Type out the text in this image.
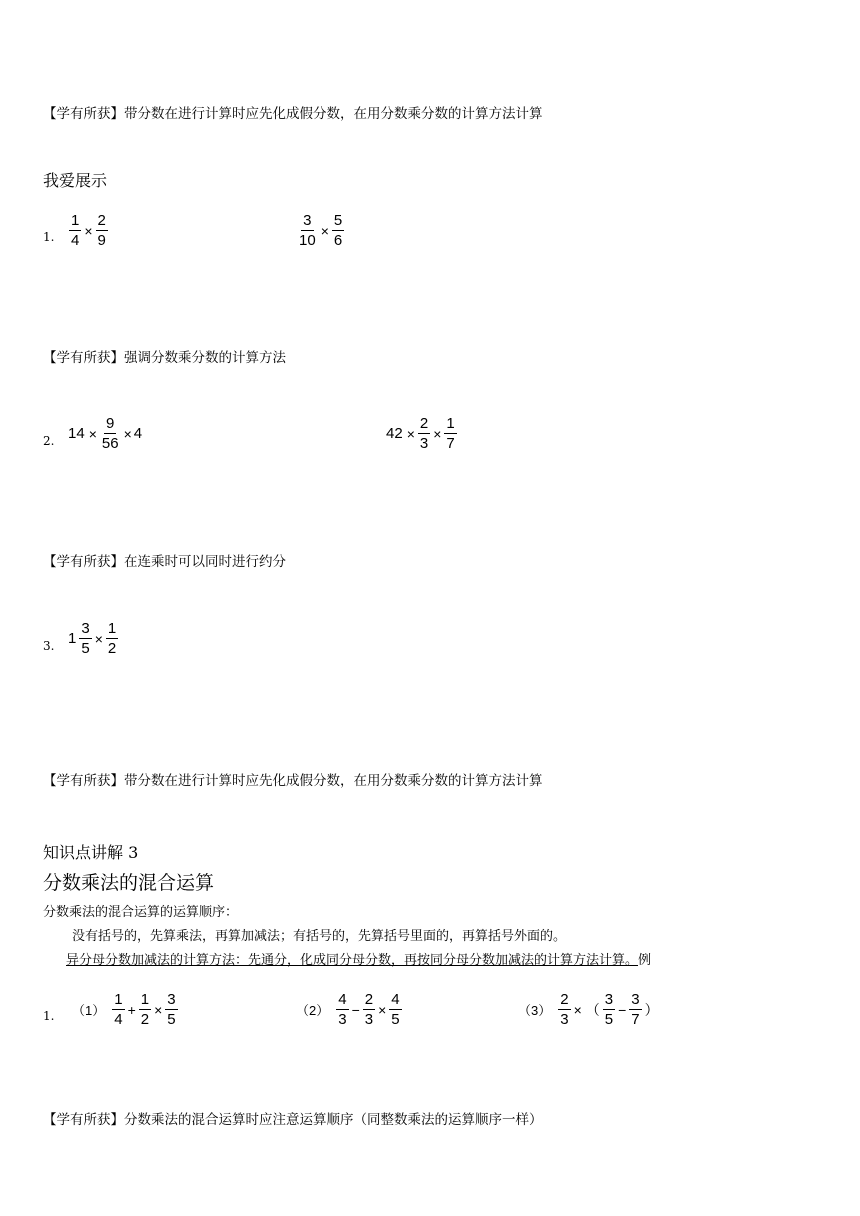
【学有所获】带分数在进行计算时应先化成假分数，在用分数乘分数的计算方法计算
我爱展示
1. $\frac{1}{4} \times \frac{2}{9}$	$\frac{3}{10} \times \frac{5}{6}$
【学有所获】强调分数乘分数的计算方法
2. $14 \times \frac{9}{56} \times 4$	$42 \times \frac{2}{3} \times \frac{1}{7}$
【学有所获】在连乘时可以同时进行约分
3. $1 \frac{3}{5} \times \frac{1}{2}$
【学有所获】带分数在进行计算时应先化成假分数，在用分数乘分数的计算方法计算
知识点讲解 3
分数乘法的混合运算
分数乘法的混合运算的运算顺序：
没有括号的，先算乘法，再算加减法；有括号的，先算括号里面的，再算括号外面的。
异分母分数加减法的计算方法：先通分，化成同分母分数，再按同分母分数加减法的计算方法计算。例
1. $(1) \frac{1}{4} + \frac{1}{2} \times \frac{3}{5}$	$(2) \frac{4}{3} - \frac{2}{3} \times \frac{4}{5}$	$(3) \frac{2}{3}$ × （ $\frac{3}{5} - \frac{3}{7}$ ）
【学有所获】分数乘法的混合运算时应注意运算顺序（同整数乘法的运算顺序一样）
